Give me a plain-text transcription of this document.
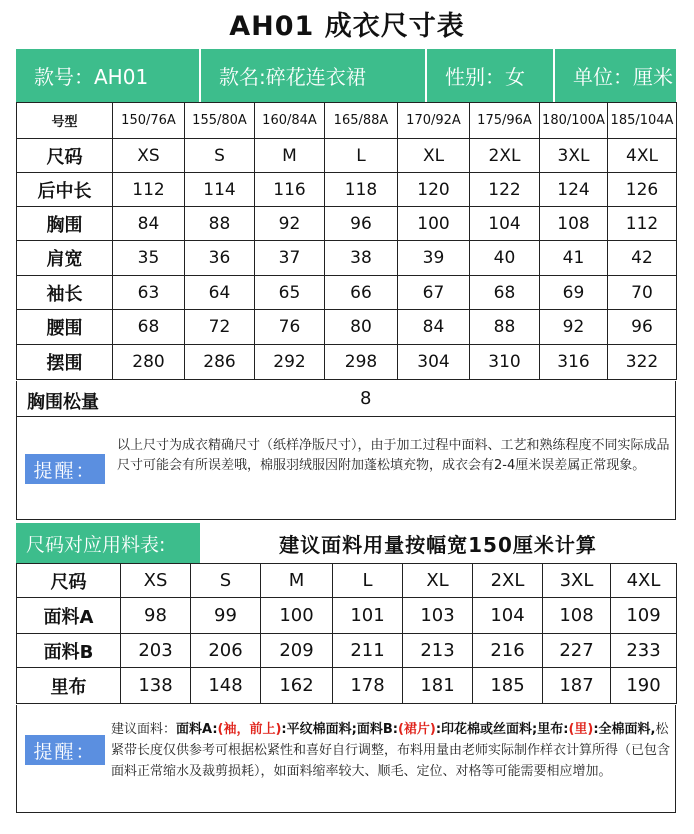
AH01 成衣尺寸表
款号：AH01	款名:碎花连衣裙	性别：女	单位：厘米
号型	150/76A	155/80A	160/84A	165/88A	170/92A	175/96A	180/100A	185/104A
尺码	XS	S	M	L	XL	2XL	3XL	4XL
后中长	112	114	116	118	120	122	124	126
胸围	84	88	92	96	100	104	108	112
肩宽	35	36	37	38	39	40	41	42
袖长	63	64	65	66	67	68	69	70
腰围	68	72	76	80	84	88	92	96
摆围	280	286	292	298	304	310	316	322
胸围松量	8
提醒：
以上尺寸为成衣精确尺寸（纸样净版尺寸），由于加工过程中面料、工艺和熟练程度不同实际成品尺寸可能会有所误差哦，棉服羽绒服因附加蓬松填充物，成衣会有2-4厘米误差属正常现象。
尺码对应用料表:	建议面料用量按幅宽150厘米计算
尺码	XS	S	M	L	XL	2XL	3XL	4XL
面料A	98	99	100	101	103	104	108	109
面料B	203	206	209	211	213	216	227	233
里布	138	148	162	178	181	185	187	190
提醒：
建议面料：面料A:(袖，前上):平纹棉面料;面料B:(裙片):印花棉或丝面料;里布:(里):全棉面料,松紧带长度仅供参考可根据松紧性和喜好自行调整，布料用量由老师实际制作样衣计算所得（已包含面料正常缩水及裁剪损耗），如面料缩率较大、顺毛、定位、对格等可能需要相应增加。
